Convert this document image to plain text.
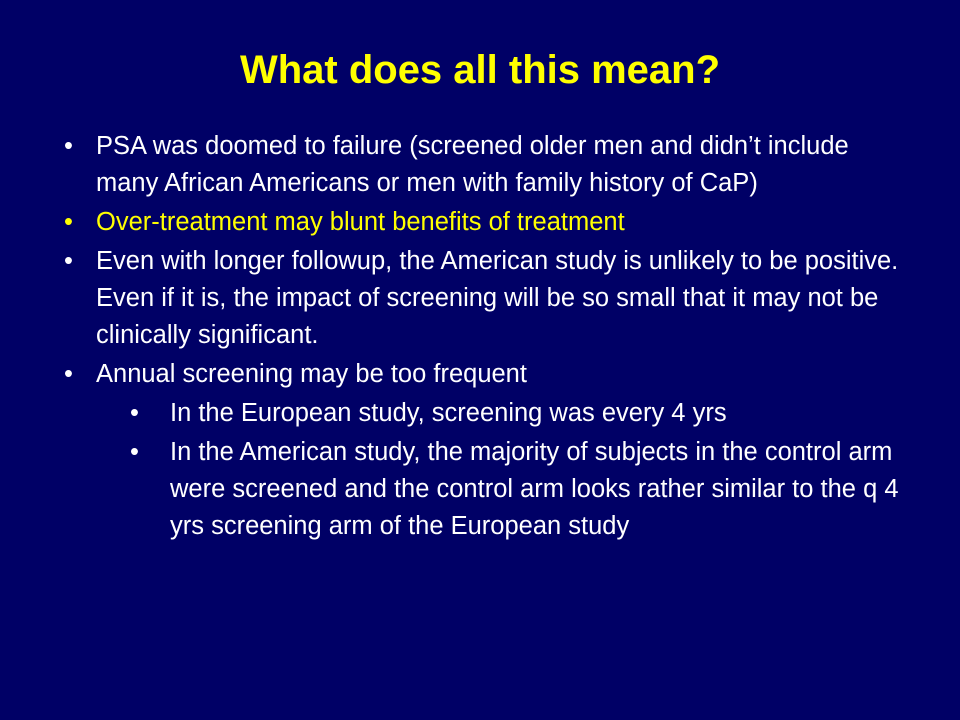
What does all this mean?
• PSA was doomed to failure (screened older men and didn’t include many African Americans or men with family history of CaP)
• Over-treatment may blunt benefits of treatment
• Even with longer followup, the American study is unlikely to be positive. Even if it is, the impact of screening will be so small that it may not be clinically significant.
• Annual screening may be too frequent
• In the European study, screening was every 4 yrs
• In the American study, the majority of subjects in the control arm were screened and the control arm looks rather similar to the q 4 yrs screening arm of the European study
